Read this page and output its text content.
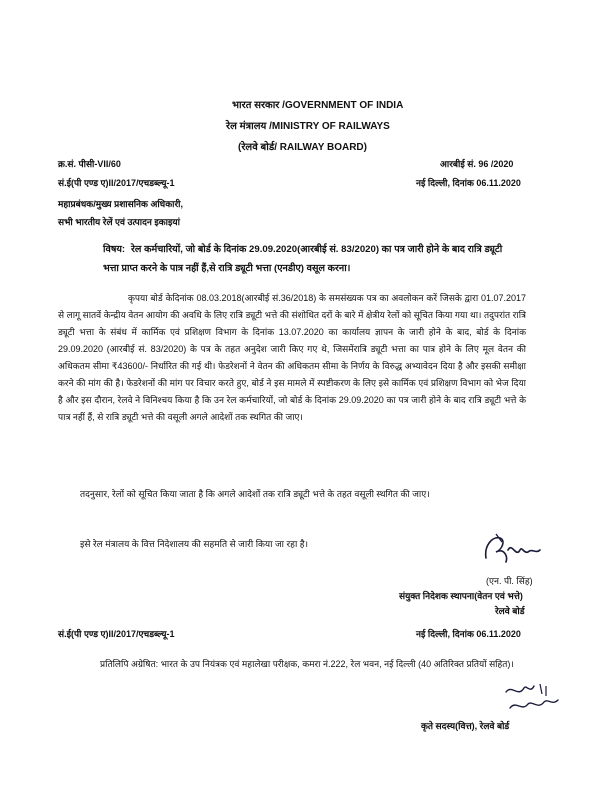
भारत सरकार /GOVERNMENT OF INDIA
रेल मंत्रालय /MINISTRY OF RAILWAYS
(रेलवे बोर्ड/ RAILWAY BOARD)
क्र.सं. पीसी-VII/60	आरबीई सं. 96 /2020
सं.ई(पी एण्ड ए)II/2017/एचडब्ल्यू-1	नई दिल्ली, दिनांक 06.11.2020
महाप्रबंधक/मुख्य प्रशासनिक अधिकारी,
सभी भारतीय रेलें एवं उत्पादन इकाइयां
विषय: रेल कर्मचारियों, जो बोर्ड के दिनांक 29.09.2020(आरबीई सं. 83/2020) का पत्र जारी होने के बाद रात्रि ड्यूटी भत्ता प्राप्त करने के पात्र नहीं हैं,से रात्रि ड्यूटी भत्ता (एनडीए) वसूल करना।
कृपया बोर्ड केदिनांक 08.03.2018(आरबीई सं.36/2018) के समसंख्यक पत्र का अवलोकन करें जिसके द्वारा 01.07.2017 से लागू सातवें केन्द्रीय वेतन आयोग की अवधि के लिए रात्रि ड्यूटी भत्ते की संशोधित दरों के बारे में क्षेत्रीय रेलों को सूचित किया गया था। तदुपरांत रात्रि ड्यूटी भत्ता के संबंध में कार्मिक एवं प्रशिक्षण विभाग के दिनांक 13.07.2020 का कार्यालय ज्ञापन के जारी होने के बाद, बोर्ड के दिनांक 29.09.2020 (आरबीई सं. 83/2020) के पत्र के तहत अनुदेश जारी किए गए थे, जिसमेंरात्रि ड्यूटी भत्ता का पात्र होने के लिए मूल वेतन की अधिकतम सीमा ₹43600/- निर्धारित की गई थी। फेडरेशनों ने वेतन की अधिकतम सीमा के निर्णय के विरुद्ध अभ्यावेदन दिया है और इसकी समीक्षा करने की मांग की है। फेडरेशनों की मांग पर विचार करते हुए, बोर्ड ने इस मामले में स्पष्टीकरण के लिए इसे कार्मिक एवं प्रशिक्षण विभाग को भेज दिया है और इस दौरान, रेलवे ने विनिश्चय किया है कि उन रेल कर्मचारियों, जो बोर्ड के दिनांक 29.09.2020 का पत्र जारी होने के बाद रात्रि ड्यूटी भत्ते के पात्र नहीं हैं, से रात्रि ड्यूटी भत्ते की वसूली अगले आदेशों तक स्थगित की जाए।
तदनुसार, रेलों को सूचित किया जाता है कि अगले आदेशों तक रात्रि ड्यूटी भत्ते के तहत वसूली स्थगित की जाए।
इसे रेल मंत्रालय के वित्त निदेशालय की सहमति से जारी किया जा रहा है।
(एन. पी. सिंह)
संयुक्त निदेशक स्थापना(वेतन एवं भत्ते)
रेलवे बोर्ड
सं.ई(पी एण्ड ए)II/2017/एचडब्ल्यू-1	नई दिल्ली, दिनांक 06.11.2020
प्रतिलिपि अग्रेषित: भारत के उप नियंत्रक एवं महालेखा परीक्षक, कमरा नं.222, रेल भवन, नई दिल्ली (40 अतिरिक्त प्रतियों सहित)।
कृते सदस्य(वित्त), रेलवे बोर्ड
